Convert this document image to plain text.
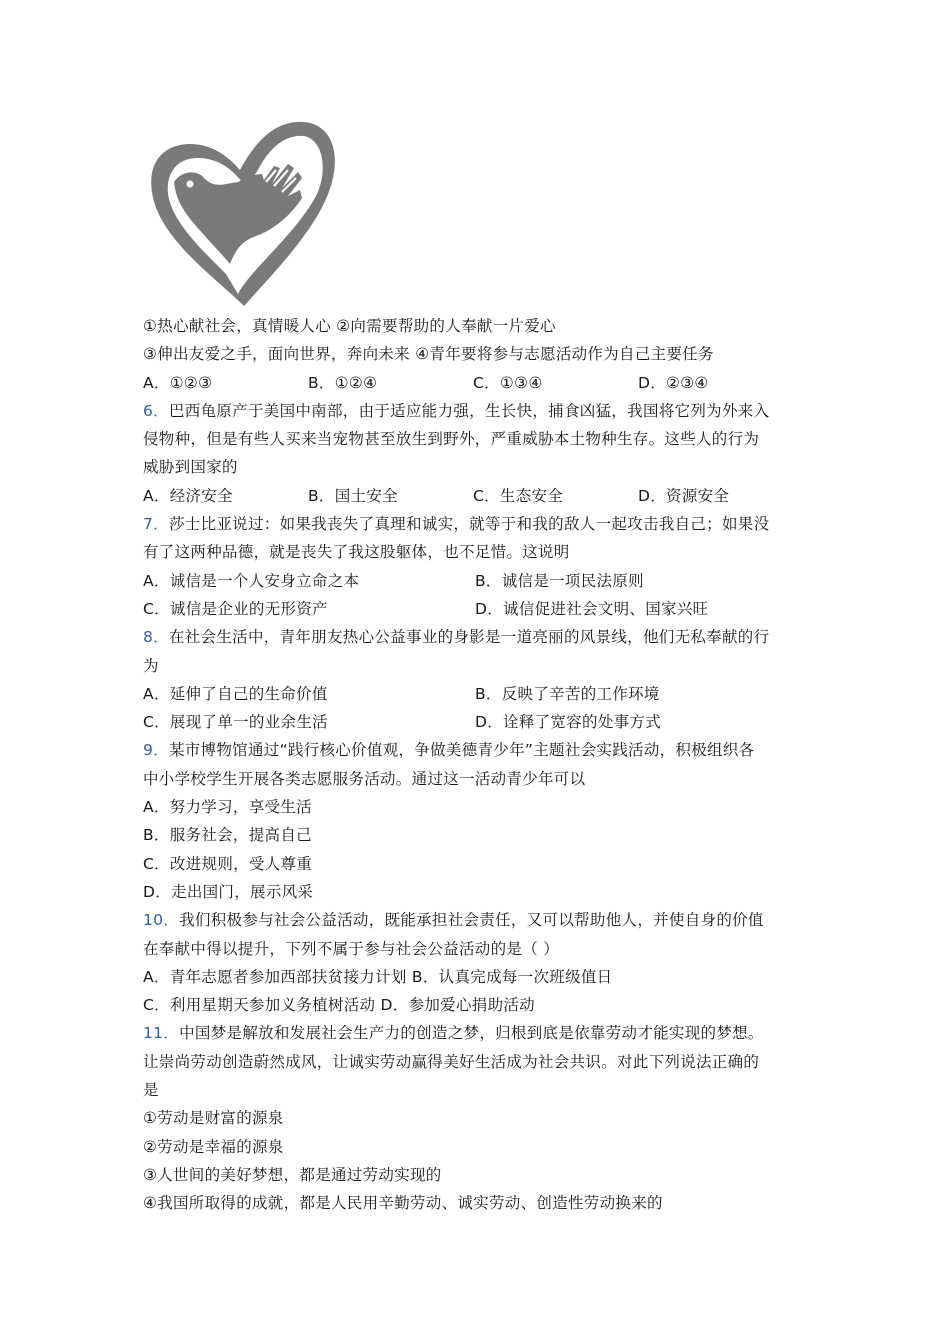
①热心献社会，真情暖人心 ②向需要帮助的人奉献一片爱心
③伸出友爱之手，面向世界，奔向未来 ④青年要将参与志愿活动作为自己主要任务
A．①②③	B．①②④	C．①③④	D．②③④
6．巴西龟原产于美国中南部，由于适应能力强，生长快，捕食凶猛，我国将它列为外来入
侵物种，但是有些人买来当宠物甚至放生到野外，严重威胁本土物种生存。这些人的行为
威胁到国家的
A．经济安全	B．国土安全	C．生态安全	D．资源安全
7．莎士比亚说过：如果我丧失了真理和诚实，就等于和我的敌人一起攻击我自己；如果没
有了这两种品德，就是丧失了我这股躯体，也不足惜。这说明
A．诚信是一个人安身立命之本	B．诚信是一项民法原则
C．诚信是企业的无形资产	D．诚信促进社会文明、国家兴旺
8．在社会生活中，青年朋友热心公益事业的身影是一道亮丽的风景线，他们无私奉献的行
为
A．延伸了自己的生命价值	B．反映了辛苦的工作环境
C．展现了单一的业余生活	D．诠释了宽容的处事方式
9．某市博物馆通过“践行核心价值观，争做美德青少年”主题社会实践活动，积极组织各
中小学校学生开展各类志愿服务活动。通过这一活动青少年可以
A．努力学习，享受生活
B．服务社会，提高自己
C．改进规则，受人尊重
D．走出国门，展示风采
10．我们积极参与社会公益活动，既能承担社会责任，又可以帮助他人，并使自身的价值
在奉献中得以提升，下列不属于参与社会公益活动的是（ ）
A．青年志愿者参加西部扶贫接力计划 B．认真完成每一次班级值日
C．利用星期天参加义务植树活动 D．参加爱心捐助活动
11．中国梦是解放和发展社会生产力的创造之梦，归根到底是依靠劳动才能实现的梦想。
让崇尚劳动创造蔚然成风，让诚实劳动赢得美好生活成为社会共识。对此下列说法正确的
是
①劳动是财富的源泉
②劳动是幸福的源泉
③人世间的美好梦想，都是通过劳动实现的
④我国所取得的成就，都是人民用辛勤劳动、诚实劳动、创造性劳动换来的
